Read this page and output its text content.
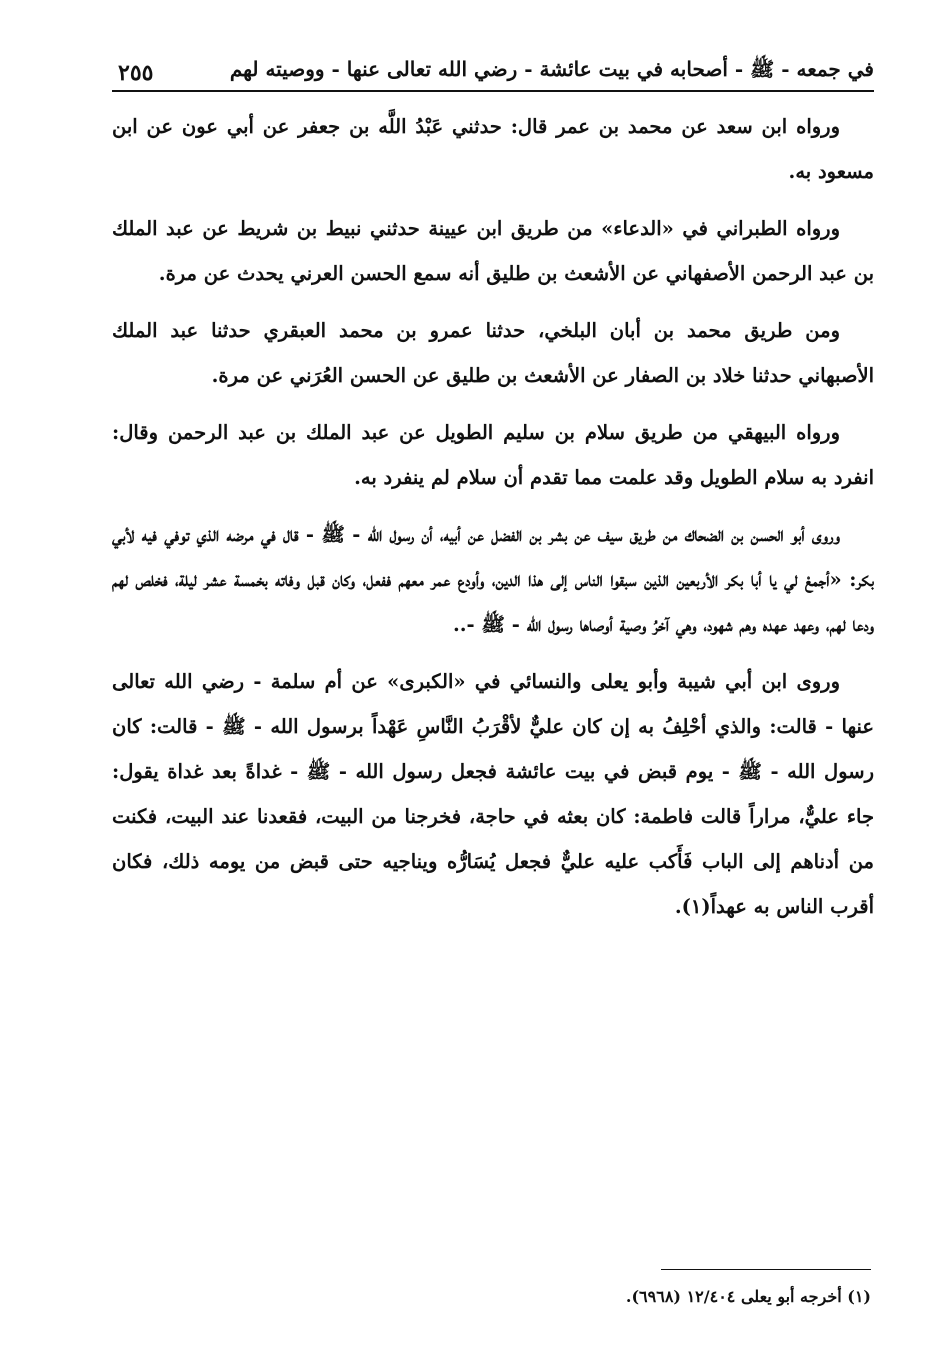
في جمعه - ﷺ - أصحابه في بيت عائشة - رضي الله تعالى عنها - ووصيته لهم
٢٥٥

ورواه ابن سعد عن محمد بن عمر قال: حدثني عَبْدُ اللَّه بن جعفر عن أبي عون عن ابن مسعود به.

ورواه الطبراني في «الدعاء» من طريق ابن عيينة حدثني نبيط بن شريط عن عبد الملك بن عبد الرحمن الأصفهاني عن الأشعث بن طليق أنه سمع الحسن العرني يحدث عن مرة.

ومن طريق محمد بن أبان البلخي، حدثنا عمرو بن محمد العبقري حدثنا عبد الملك الأصبهاني حدثنا خلاد بن الصفار عن الأشعث بن طليق عن الحسن العُرَني عن مرة.

ورواه البيهقي من طريق سلام بن سليم الطويل عن عبد الملك بن عبد الرحمن وقال: انفرد به سلام الطويل وقد علمت مما تقدم أن سلام لم ينفرد به.

وروى أبو الحسن بن الضحاك من طريق سيف عن بشر بن الفضل عن أبيه، أن رسول الله - ﷺ - قال في مرضه الذي توفي فيه لأبي بكر: «أجمعْ لي يا أبا بكر الأربعين الذين سبقوا الناس إلى هذا الدين، وأودع عمر معهم ففعل، وكان قبل وفاته بخمسة عشر ليلة، فخلص لهم ودعا لهم، وعهد عهده وهم شهود، وهي آخرُ وصية أوصاها رسول الله - ﷺ -..

وروى ابن أبي شيبة وأبو يعلى والنسائي في «الكبرى» عن أم سلمة - رضي الله تعالى عنها - قالت: والذي أحْلِفُ به إن كان عليٌّ لأقْرَبُ النَّاسِ عَهْداً برسول الله - ﷺ - قالت: كان رسول الله - ﷺ - يوم قبض في بيت عائشة فجعل رسول الله - ﷺ - غداةً بعد غداة يقول: جاء عليٌّ، مراراً قالت فاطمة: كان بعثه في حاجة، فخرجنا من البيت، فقعدنا عند البيت، فكنت من أدناهم إلى الباب فَأَكب عليه عليٌّ فجعل يُسَارُّه ويناجيه حتى قبض من يومه ذلك، فكان أقرب الناس به عهداً(١).

(١) أخرجه أبو يعلى ١٢/٤٠٤ (٦٩٦٨).
